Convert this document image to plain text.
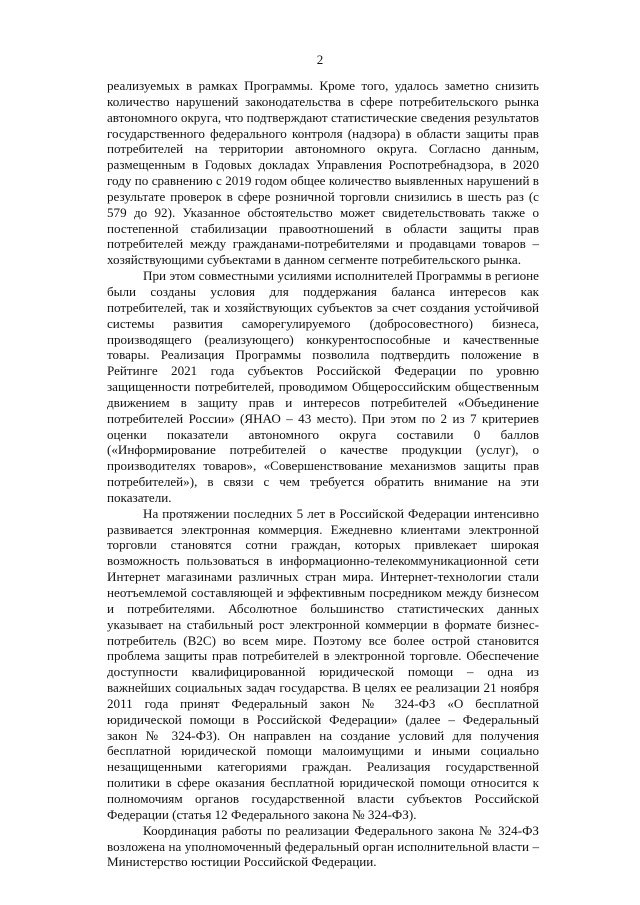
2

реализуемых в рамках Программы. Кроме того, удалось заметно снизить количество нарушений законодательства в сфере потребительского рынка автономного округа, что подтверждают статистические сведения результатов государственного федерального контроля (надзора) в области защиты прав потребителей на территории автономного округа. Согласно данным, размещенным в Годовых докладах Управления Роспотребнадзора, в 2020 году по сравнению с 2019 годом общее количество выявленных нарушений в результате проверок в сфере розничной торговли снизились в шесть раз (с 579 до 92). Указанное обстоятельство может свидетельствовать также о постепенной стабилизации правоотношений в области защиты прав потребителей между гражданами-потребителями и продавцами товаров – хозяйствующими субъектами в данном сегменте потребительского рынка.

При этом совместными усилиями исполнителей Программы в регионе были созданы условия для поддержания баланса интересов как потребителей, так и хозяйствующих субъектов за счет создания устойчивой системы развития саморегулируемого (добросовестного) бизнеса, производящего (реализующего) конкурентоспособные и качественные товары. Реализация Программы позволила подтвердить положение в Рейтинге 2021 года субъектов Российской Федерации по уровню защищенности потребителей, проводимом Общероссийским общественным движением в защиту прав и интересов потребителей «Объединение потребителей России» (ЯНАО – 43 место). При этом по 2 из 7 критериев оценки показатели автономного округа составили 0 баллов («Информирование потребителей о качестве продукции (услуг), о производителях товаров», «Совершенствование механизмов защиты прав потребителей»), в связи с чем требуется обратить внимание на эти показатели.

На протяжении последних 5 лет в Российской Федерации интенсивно развивается электронная коммерция. Ежедневно клиентами электронной торговли становятся сотни граждан, которых привлекает широкая возможность пользоваться в информационно-телекоммуникационной сети Интернет магазинами различных стран мира. Интернет-технологии стали неотъемлемой составляющей и эффективным посредником между бизнесом и потребителями. Абсолютное большинство статистических данных указывает на стабильный рост электронной коммерции в формате бизнес-потребитель (B2C) во всем мире. Поэтому все более острой становится проблема защиты прав потребителей в электронной торговле. Обеспечение доступности квалифицированной юридической помощи – одна из важнейших социальных задач государства. В целях ее реализации 21 ноября 2011 года принят Федеральный закон № 324-ФЗ «О бесплатной юридической помощи в Российской Федерации» (далее – Федеральный закон № 324-ФЗ). Он направлен на создание условий для получения бесплатной юридической помощи малоимущими и иными социально незащищенными категориями граждан. Реализация государственной политики в сфере оказания бесплатной юридической помощи относится к полномочиям органов государственной власти субъектов Российской Федерации (статья 12 Федерального закона № 324-ФЗ).

Координация работы по реализации Федерального закона № 324-ФЗ возложена на уполномоченный федеральный орган исполнительной власти – Министерство юстиции Российской Федерации.
